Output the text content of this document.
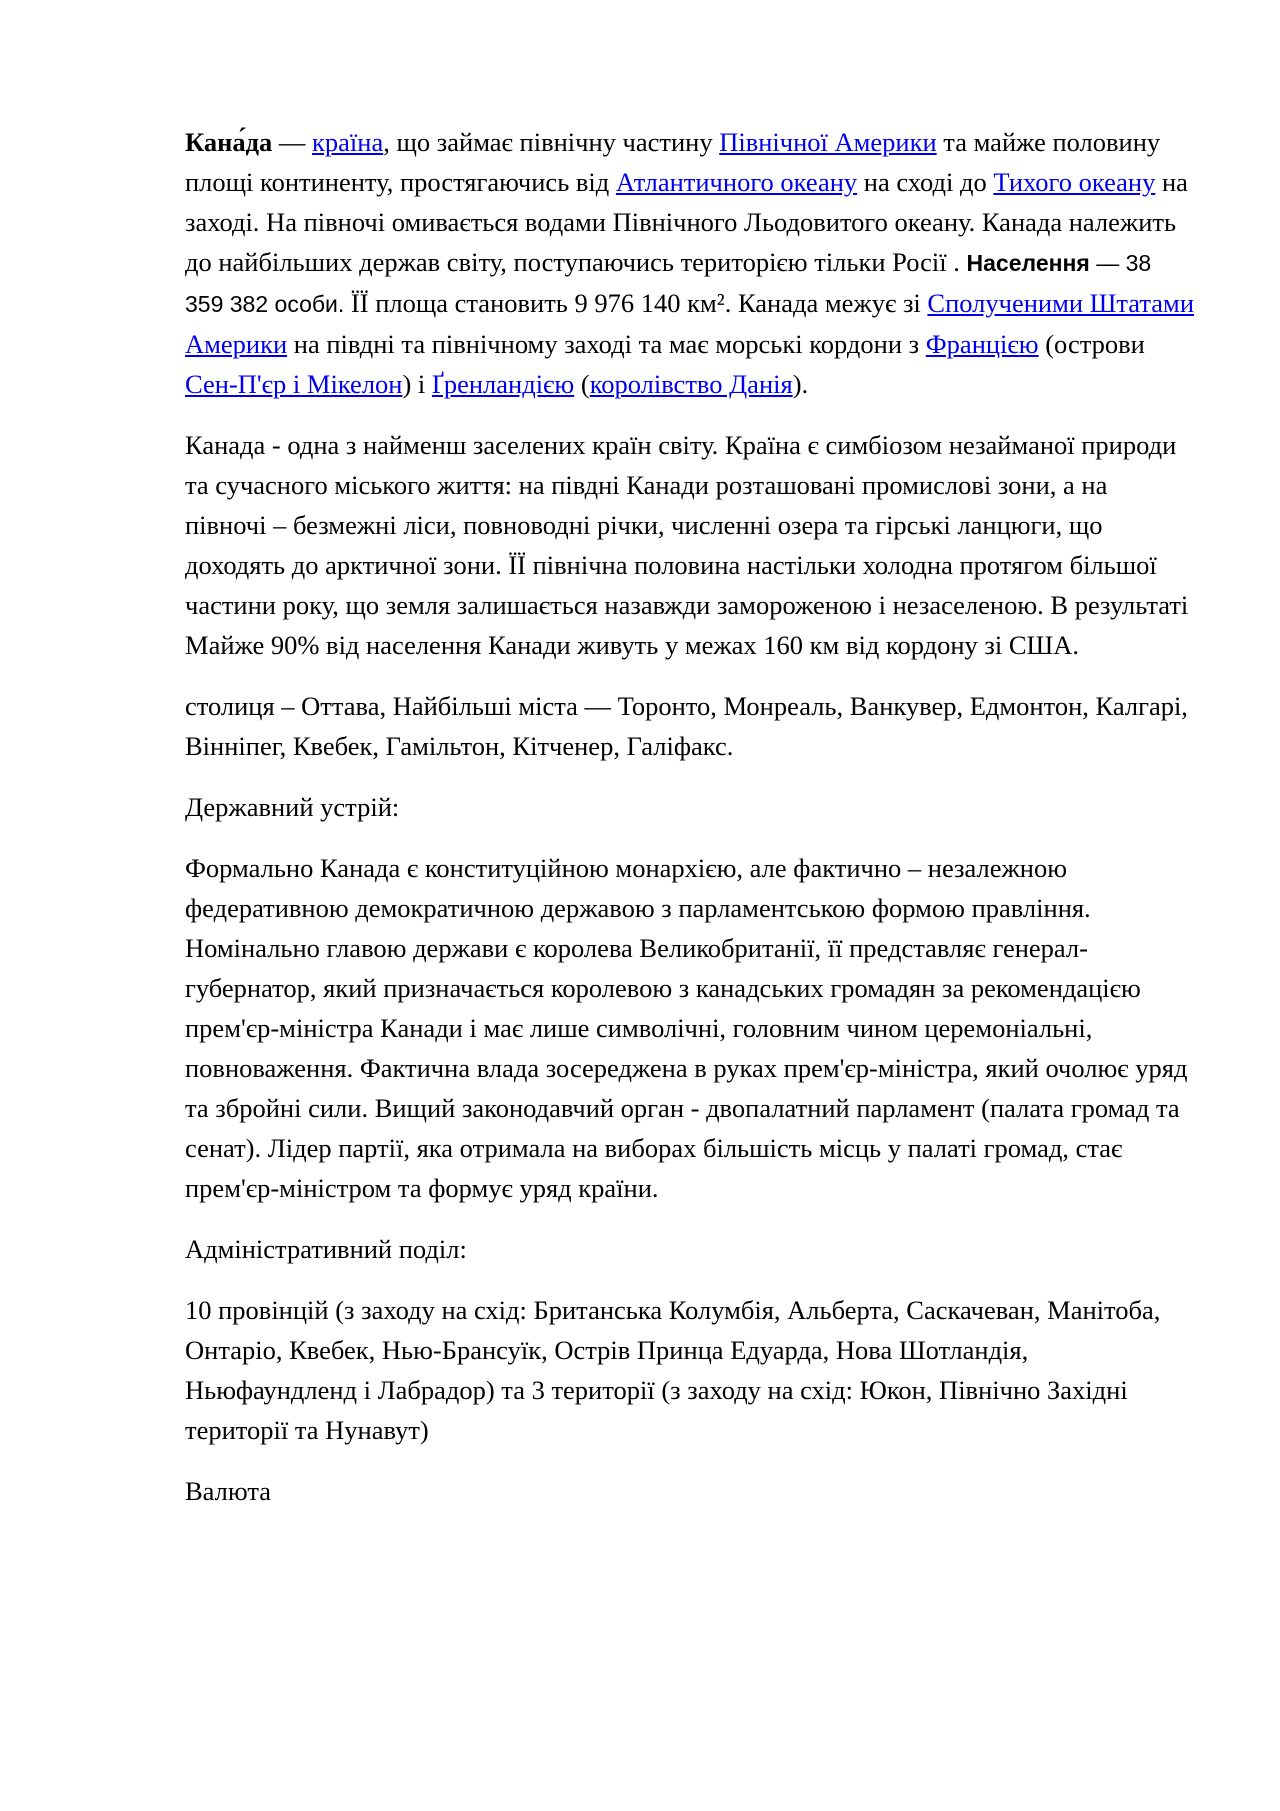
Кана́да — країна, що займає північну частину Північної Америки та майже половину площі континенту, простягаючись від Атлантичного океану на сході до Тихого океану на заході. На півночі омивається водами Північного Льодовитого океану. Канада належить до найбільших держав світу, поступаючись територією тільки Росії . Населення — 38 359 382 особи. ЇЇ площа становить 9 976 140 км². Канада межує зі Сполученими Штатами Америки на півдні та північному заході та має морські кордони з Францією (острови Сен-П'єр і Мікелон) і Ґренландією (королівство Данія).

Канада - одна з найменш заселених країн світу. Країна є симбіозом незайманої природи та сучасного міського життя: на півдні Канади розташовані промислові зони, а на півночі – безмежні ліси, повноводні річки, численні озера та гірські ланцюги, що доходять до арктичної зони. ЇЇ північна половина настільки холодна протягом більшої частини року, що земля залишається назавжди замороженою і незаселеною. В результаті Майже 90% від населення Канади живуть у межах 160 км від кордону зі США.

столиця – Оттава, Найбільші міста — Торонто, Монреаль, Ванкувер, Едмонтон, Калгарі, Вінніпег, Квебек, Гамільтон, Кітченер, Галіфакс.

Державний устрій:

Формально Канада є конституційною монархією, але фактично – незалежною федеративною демократичною державою з парламентською формою правління. Номінально главою держави є королева Великобританії, її представляє генерал-губернатор, який призначається королевою з канадських громадян за рекомендацією прем'єр-міністра Канади і має лише символічні, головним чином церемоніальні, повноваження. Фактична влада зосереджена в руках прем'єр-міністра, який очолює уряд та збройні сили. Вищий законодавчий орган - двопалатний парламент (палата громад та сенат). Лідер партії, яка отримала на виборах більшість місць у палаті громад, стає прем'єр-міністром та формує уряд країни.

Адміністративний поділ:

10 провінцій (з заходу на схід: Британська Колумбія, Альберта, Саскачеван, Манітоба, Онтаріо, Квебек, Нью-Брансуїк, Острів Принца Едуарда, Нова Шотландія, Ньюфаундленд і Лабрадор) та 3 території (з заходу на схід: Юкон, Північно Західні території та Нунавут)

Валюта
